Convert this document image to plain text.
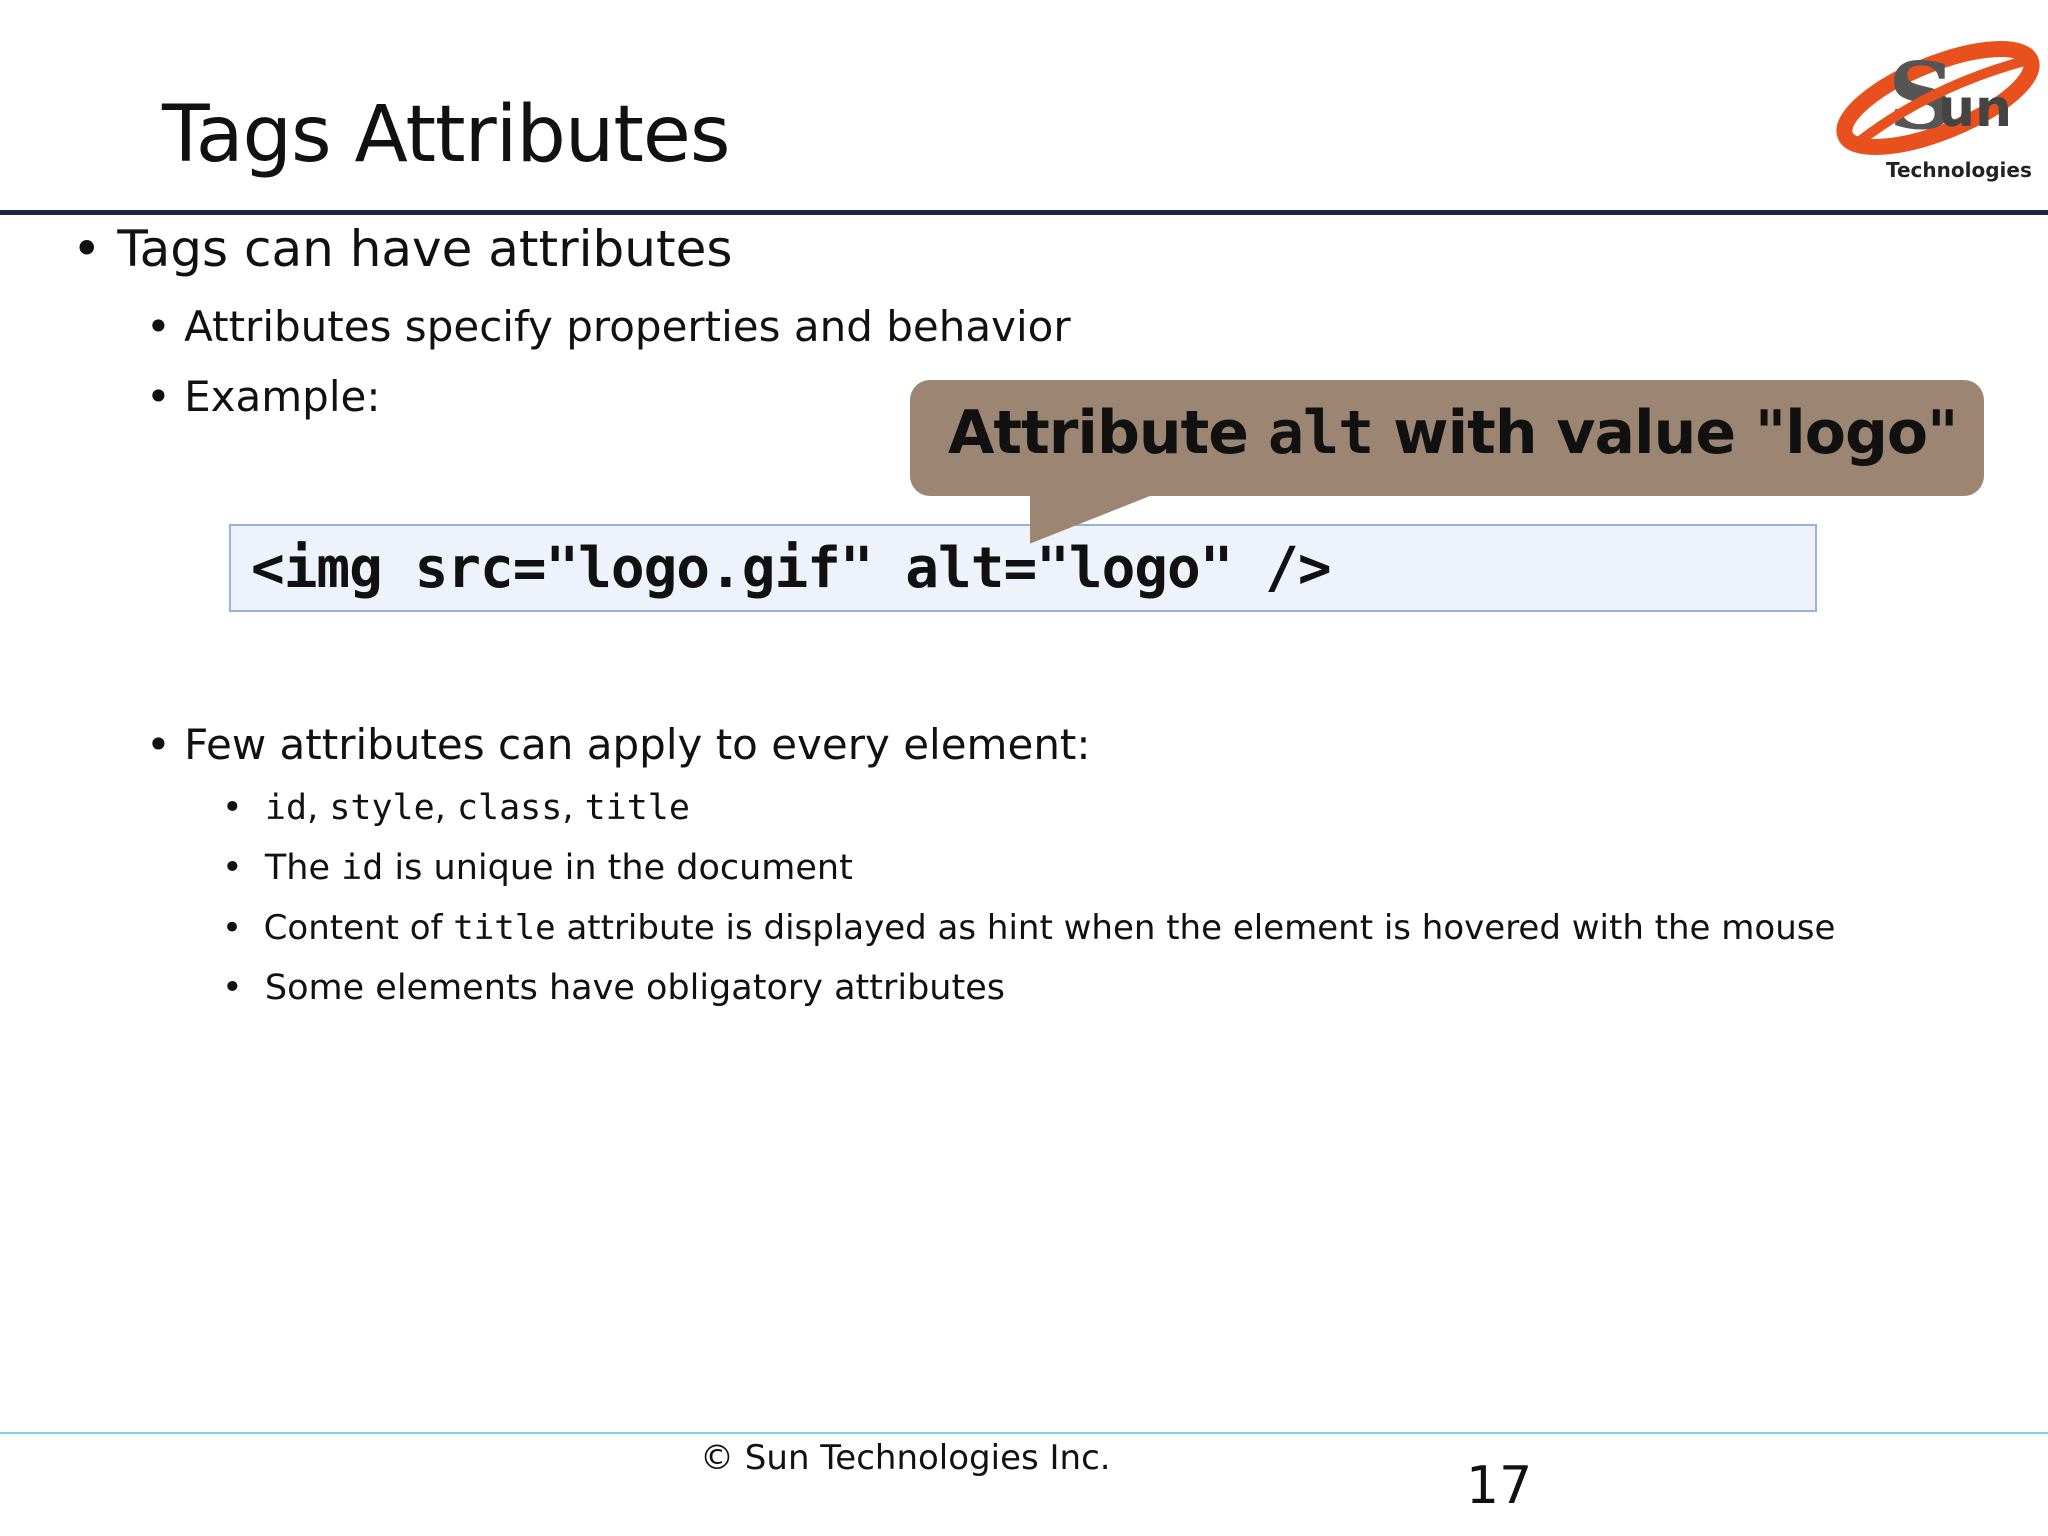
Tags Attributes	S
un
Technologies
• Tags can have attributes
• Attributes specify properties and behavior
• Example:
<img src="logo.gif" alt="logo" />
Attribute alt with value "logo"
• Few attributes can apply to every element:
•  id, style, class, title
•  The id is unique in the document
•  Content of title attribute is displayed as hint when the element is hovered with the mouse
•  Some elements have obligatory attributes
© Sun Technologies Inc.	17
